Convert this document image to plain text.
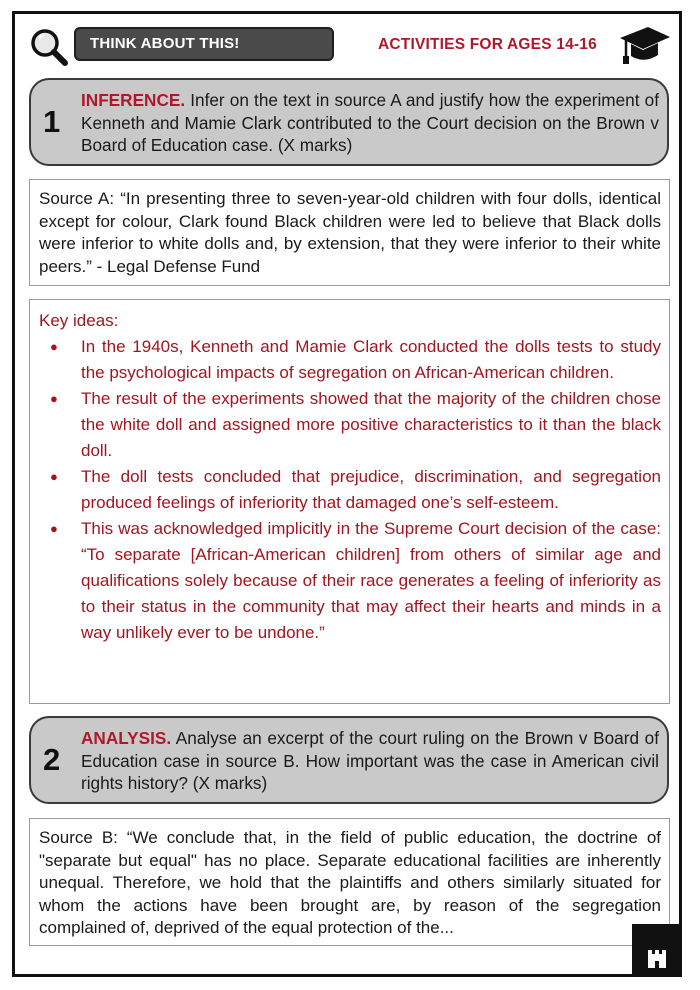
THINK ABOUT THIS!	ACTIVITIES FOR AGES 14-16
1
INFERENCE. Infer on the text in source A and justify how the experiment of Kenneth and Mamie Clark contributed to the Court decision on the Brown v Board of Education case. (X marks)
Source A: “In presenting three to seven-year-old children with four dolls, identical except for colour, Clark found Black children were led to believe that Black dolls were inferior to white dolls and, by extension, that they were inferior to their white peers.” - Legal Defense Fund
Key ideas:
● In the 1940s, Kenneth and Mamie Clark conducted the dolls tests to study the psychological impacts of segregation on African-American children.
● The result of the experiments showed that the majority of the children chose the white doll and assigned more positive characteristics to it than the black doll.
● The doll tests concluded that prejudice, discrimination, and segregation produced feelings of inferiority that damaged one’s self-esteem.
● This was acknowledged implicitly in the Supreme Court decision of the case: “To separate [African-American children] from others of similar age and qualifications solely because of their race generates a feeling of inferiority as to their status in the community that may affect their hearts and minds in a way unlikely ever to be undone.”
2
ANALYSIS. Analyse an excerpt of the court ruling on the Brown v Board of Education case in source B. How important was the case in American civil rights history? (X marks)
Source B: “We conclude that, in the field of public education, the doctrine of "separate but equal" has no place. Separate educational facilities are inherently unequal. Therefore, we hold that the plaintiffs and others similarly situated for whom the actions have been brought are, by reason of the segregation complained of, deprived of the equal protection of the...
